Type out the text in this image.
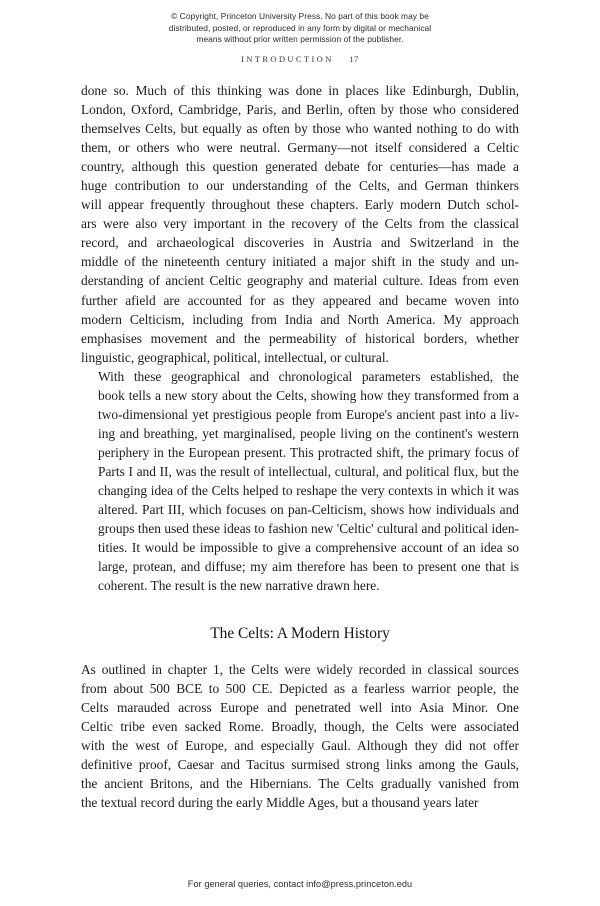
© Copyright, Princeton University Press. No part of this book may be
distributed, posted, or reproduced in any form by digital or mechanical
means without prior written permission of the publisher.
INTRODUCTION 17

done so. Much of this thinking was done in places like Edinburgh, Dublin,
London, Oxford, Cambridge, Paris, and Berlin, often by those who considered
themselves Celts, but equally as often by those who wanted nothing to do with
them, or others who were neutral. Germany—not itself considered a Celtic
country, although this question generated debate for centuries—has made a
huge contribution to our understanding of the Celts, and German thinkers
will appear frequently throughout these chapters. Early modern Dutch schol-
ars were also very important in the recovery of the Celts from the classical
record, and archaeological discoveries in Austria and Switzerland in the
middle of the nineteenth century initiated a major shift in the study and un-
derstanding of ancient Celtic geography and material culture. Ideas from even
further afield are accounted for as they appeared and became woven into
modern Celticism, including from India and North America. My approach
emphasises movement and the permeability of historical borders, whether
linguistic, geographical, political, intellectual, or cultural.

With these geographical and chronological parameters established, the
book tells a new story about the Celts, showing how they transformed from a
two-dimensional yet prestigious people from Europe's ancient past into a liv-
ing and breathing, yet marginalised, people living on the continent's western
periphery in the European present. This protracted shift, the primary focus of
Parts I and II, was the result of intellectual, cultural, and political flux, but the
changing idea of the Celts helped to reshape the very contexts in which it was
altered. Part III, which focuses on pan-Celticism, shows how individuals and
groups then used these ideas to fashion new 'Celtic' cultural and political iden-
tities. It would be impossible to give a comprehensive account of an idea so
large, protean, and diffuse; my aim therefore has been to present one that is
coherent. The result is the new narrative drawn here.

The Celts: A Modern History

As outlined in chapter 1, the Celts were widely recorded in classical sources
from about 500 BCE to 500 CE. Depicted as a fearless warrior people, the
Celts marauded across Europe and penetrated well into Asia Minor. One
Celtic tribe even sacked Rome. Broadly, though, the Celts were associated
with the west of Europe, and especially Gaul. Although they did not offer
definitive proof, Caesar and Tacitus surmised strong links among the Gauls,
the ancient Britons, and the Hibernians. The Celts gradually vanished from
the textual record during the early Middle Ages, but a thousand years later

For general queries, contact info@press.princeton.edu
